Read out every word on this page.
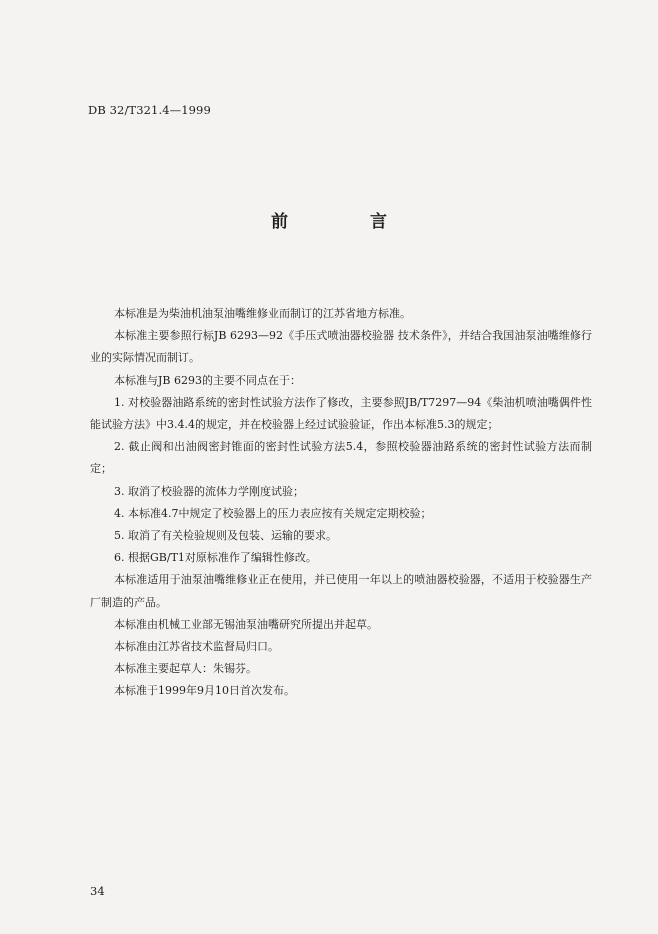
DB 32/T321.4—1999
前 言

本标准是为柴油机油泵油嘴维修业而制订的江苏省地方标准。

本标准主要参照行标JB 6293—92《手压式喷油器校验器 技术条件》，并结合我国油泵油嘴维修行业的实际情况而制订。

本标准与JB 6293的主要不同点在于：

1. 对校验器油路系统的密封性试验方法作了修改，主要参照JB/T7297—94《柴油机喷油嘴偶件性能试验方法》中3.4.4的规定，并在校验器上经过试验验证，作出本标准5.3的规定；

2. 截止阀和出油阀密封锥面的密封性试验方法5.4，参照校验器油路系统的密封性试验方法而制定；

3. 取消了校验器的流体力学刚度试验；

4. 本标准4.7中规定了校验器上的压力表应按有关规定定期校验；

5. 取消了有关检验规则及包装、运输的要求。

6. 根据GB/T1对原标准作了编辑性修改。

本标准适用于油泵油嘴维修业正在使用，并已使用一年以上的喷油器校验器，不适用于校验器生产厂制造的产品。

本标准由机械工业部无锡油泵油嘴研究所提出并起草。

本标准由江苏省技术监督局归口。

本标准主要起草人：朱锡芬。

本标准于1999年9月10日首次发布。

34
